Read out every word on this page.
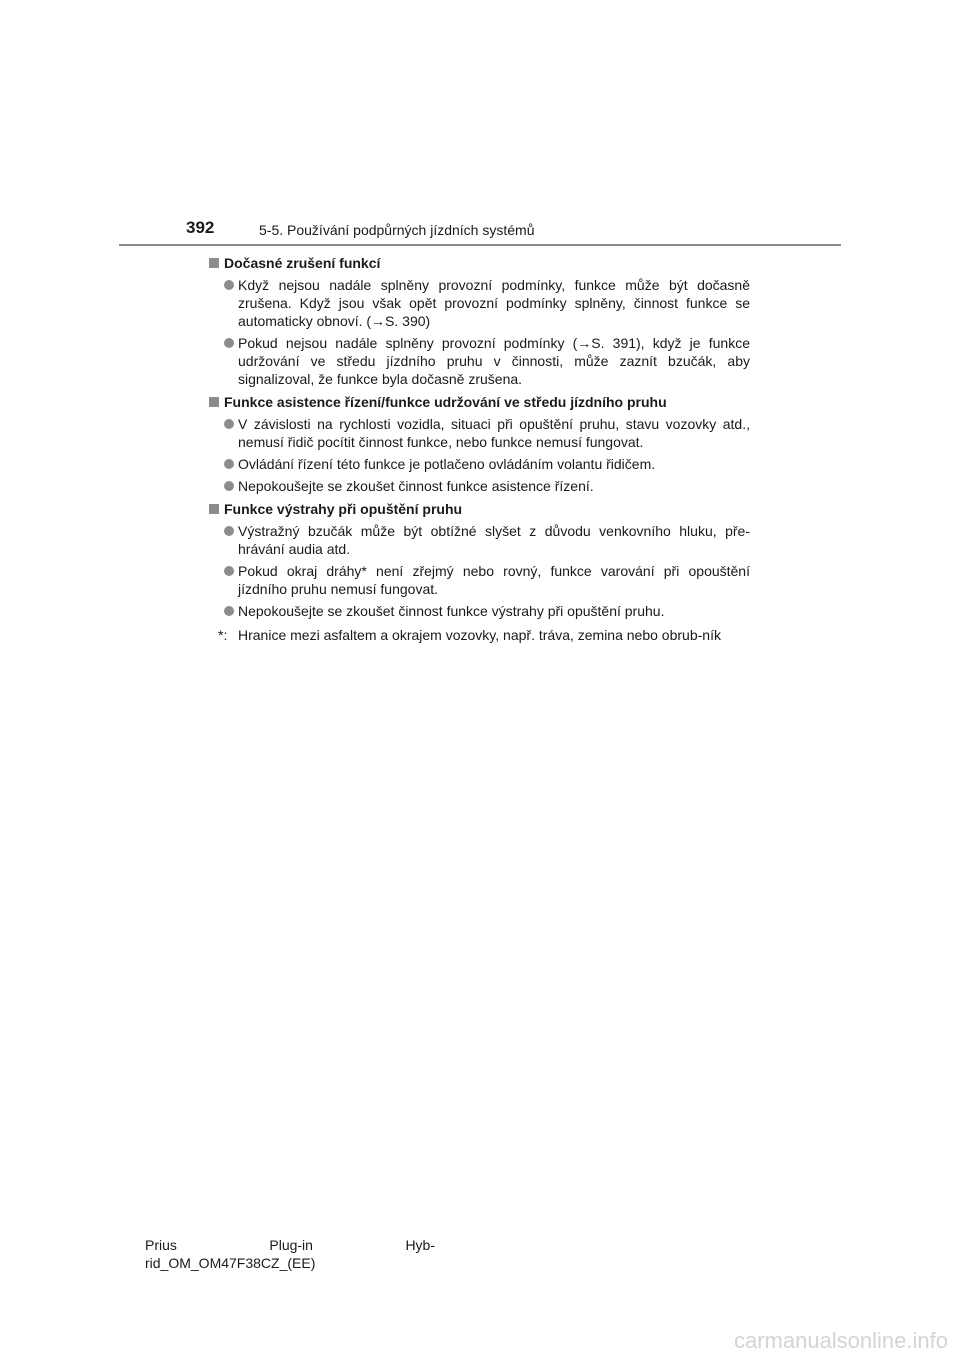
392	5-5. Používání podpůrných jízdních systémů
Dočasné zrušení funkcí
Když nejsou nadále splněny provozní podmínky, funkce může být dočasně zrušena. Když jsou však opět provozní podmínky splněny, činnost funkce se automaticky obnoví. (→S. 390)
Pokud nejsou nadále splněny provozní podmínky (→S. 391), když je funkce udržování ve středu jízdního pruhu v činnosti, může zaznít bzučák, aby signalizoval, že funkce byla dočasně zrušena.
Funkce asistence řízení/funkce udržování ve středu jízdního pruhu
V závislosti na rychlosti vozidla, situaci při opuštění pruhu, stavu vozovky atd., nemusí řidič pocítit činnost funkce, nebo funkce nemusí fungovat.
Ovládání řízení této funkce je potlačeno ovládáním volantu řidičem.
Nepokoušejte se zkoušet činnost funkce asistence řízení.
Funkce výstrahy při opuštění pruhu
Výstražný bzučák může být obtížné slyšet z důvodu venkovního hluku, pře-hrávání audia atd.
Pokud okraj dráhy* není zřejmý nebo rovný, funkce varování při opouštění jízdního pruhu nemusí fungovat.
Nepokoušejte se zkoušet činnost funkce výstrahy při opuštění pruhu.
*: Hranice mezi asfaltem a okrajem vozovky, např. tráva, zemina nebo obrub-ník
Prius	Plug-in	Hyb-
rid_OM_OM47F38CZ_(EE)
carmanualsonline.info
